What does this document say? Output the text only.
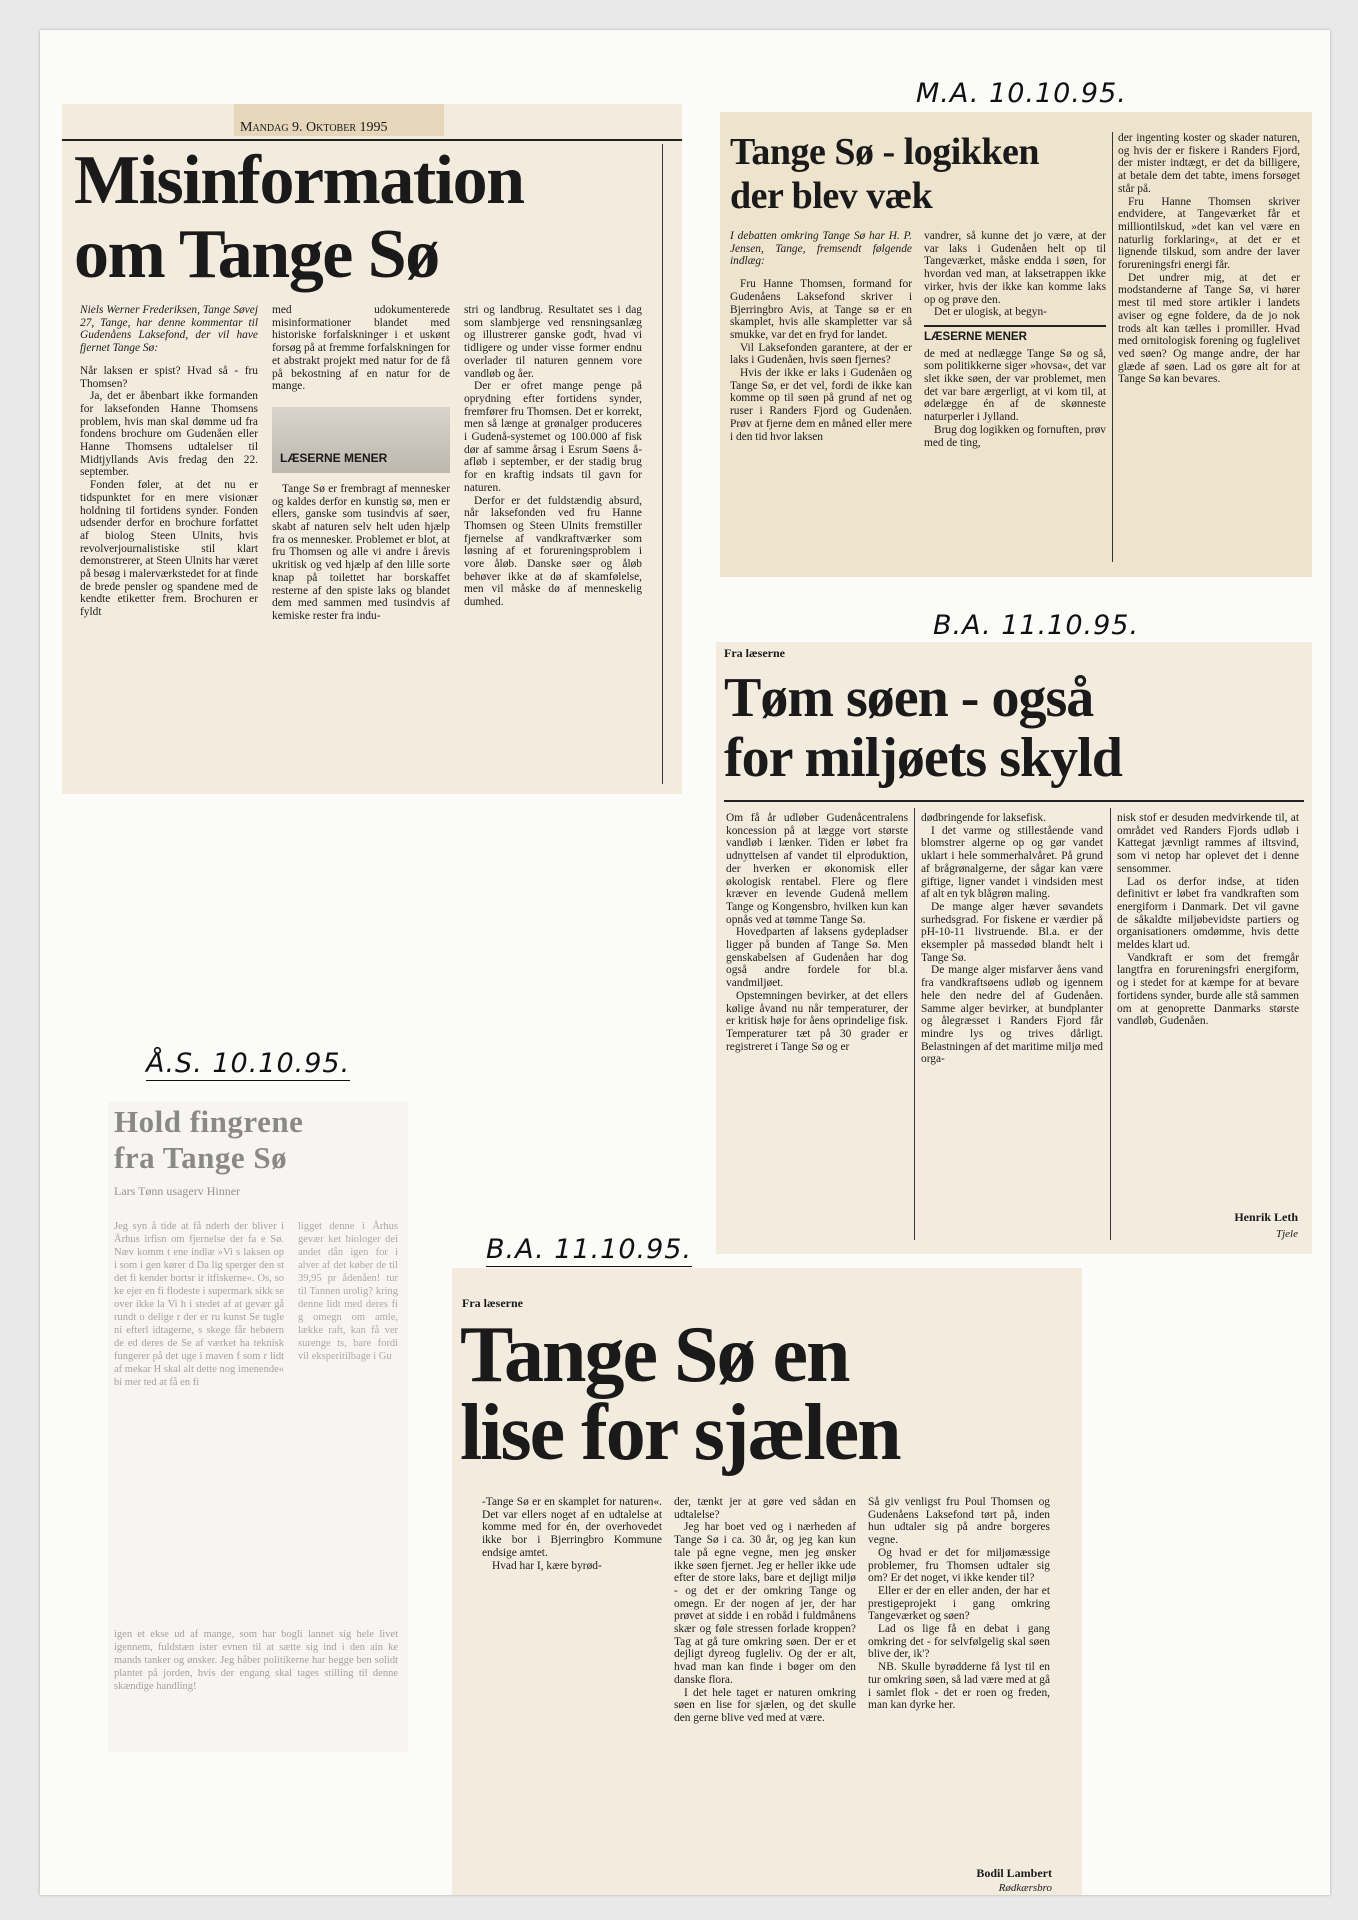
Mandag 9. Oktober 1995
Misinformation
om Tange Sø

Niels Werner Frederiksen, Tange Søvej 27, Tange, har denne kommentar til Gudenåens Laksefond, der vil have fjernet Tange Sø:

Når laksen er spist? Hvad så - fru Thomsen?

Ja, det er åbenbart ikke formanden for laksefonden Hanne Thomsens problem, hvis man skal dømme ud fra fondens brochure om Gudenåen eller Hanne Thomsens udtalelser til Midtjyllands Avis fredag den 22. september.

Fonden føler, at det nu er tidspunktet for en mere visionær holdning til fortidens synder. Fonden udsender derfor en brochure forfattet af biolog Steen Ulnits, hvis revolverjournalistiske stil klart demonstrerer, at Steen Ulnits har været på besøg i malerværkstedet for at finde de brede pensler og spandene med de kendte etiketter frem. Brochuren er fyldt

med udokumenterede misinformationer blandet med historiske forfalskninger i et uskønt forsøg på at fremme forfalskningen for et abstrakt projekt med natur for de få på bekostning af en natur for de mange.

LÆSERNE MENER

Tange Sø er frembragt af mennesker og kaldes derfor en kunstig sø, men er ellers, ganske som tusindvis af søer, skabt af naturen selv helt uden hjælp fra os mennesker. Problemet er blot, at fru Thomsen og alle vi andre i årevis ukritisk og ved hjælp af den lille sorte knap på toilettet har borskaffet resterne af den spiste laks og blandet dem med sammen med tusindvis af kemiske rester fra indu-

stri og landbrug. Resultatet ses i dag som slambjerge ved rensningsanlæg og illustrerer ganske godt, hvad vi tidligere og under visse former endnu overlader til naturen gennem vore vandløb og åer.

Der er ofret mange penge på oprydning efter fortidens synder, fremfører fru Thomsen. Det er korrekt, men så længe at grønalger produceres i Gudenå-systemet og 100.000 af fisk dør af samme årsag i Esrum Søens å-afløb i september, er der stadig brug for en kraftig indsats til gavn for naturen.

Derfor er det fuldstændig absurd, når laksefonden ved fru Hanne Thomsen og Steen Ulnits fremstiller fjernelse af vandkraftværker som løsning af et forureningsproblem i vore åløb. Danske søer og åløb behøver ikke at dø af skamfølelse, men vil måske dø af menneskelig dumhed.

M.A. 10.10.95.
Tange Sø - logikken
der blev væk

I debatten omkring Tange Sø har H. P. Jensen, Tange, fremsendt følgende indlæg:

Fru Hanne Thomsen, formand for Gudenåens Laksefond skriver i Bjerringbro Avis, at Tange sø er en skamplet, hvis alle skampletter var så smukke, var det en fryd for landet.

Vil Laksefonden garantere, at der er laks i Gudenåen, hvis søen fjernes?

Hvis der ikke er laks i Gudenåen og Tange Sø, er det vel, fordi de ikke kan komme op til søen på grund af net og ruser i Randers Fjord og Gudenåen. Prøv at fjerne dem en måned eller mere i den tid hvor laksen

vandrer, så kunne det jo være, at der var laks i Gudenåen helt op til Tangeværket, måske endda i søen, for hvordan ved man, at laksetrappen ikke virker, hvis der ikke kan komme laks op og prøve den.

Det er ulogisk, at begyn-

LÆSERNE MENER

de med at nedlægge Tange Sø og så, som politikkerne siger »hovsa«, det var slet ikke søen, der var problemet, men det var bare ærgerligt, at vi kom til, at ødelægge én af de skønneste naturperler i Jylland.

Brug dog logikken og fornuften, prøv med de ting,

der ingenting koster og skader naturen, og hvis der er fiskere i Randers Fjord, der mister indtægt, er det da billigere, at betale dem det tabte, imens forsøget står på.

Fru Hanne Thomsen skriver endvidere, at Tangeværket får et milliontilskud, »det kan vel være en naturlig forklaring«, at det er et lignende tilskud, som andre der laver forureningsfri energi får.

Det undrer mig, at det er modstanderne af Tange Sø, vi hører mest til med store artikler i landets aviser og egne foldere, da de jo nok trods alt kan tælles i promiller. Hvad med ornitologisk forening og fuglelivet ved søen? Og mange andre, der har glæde af søen. Lad os gøre alt for at Tange Sø kan bevares.

B.A. 11.10.95.
Fra læserne
Tøm søen - også
for miljøets skyld

Om få år udløber Gudenåcentralens koncession på at lægge vort største vandløb i lænker. Tiden er løbet fra udnyttelsen af vandet til elproduktion, der hverken er økonomisk eller økologisk rentabel. Flere og flere kræver en levende Gudenå mellem Tange og Kongensbro, hvilken kun kan opnås ved at tømme Tange Sø.

Hovedparten af laksens gydepladser ligger på bunden af Tange Sø. Men genskabelsen af Gudenåen har dog også andre fordele for bl.a. vandmiljøet.

Opstemningen bevirker, at det ellers kølige åvand nu når temperaturer, der er kritisk høje for åens oprindelige fisk. Temperaturer tæt på 30 grader er registreret i Tange Sø og er

dødbringende for laksefisk.

I det varme og stillestående vand blomstrer algerne op og gør vandet uklart i hele sommerhalvåret. På grund af brågrønalgerne, der sågar kan være giftige, ligner vandet i vindsiden mest af alt en tyk blågrøn maling.

De mange alger hæver søvandets surhedsgrad. For fiskene er værdier på pH-10-11 livstruende. Bl.a. er der eksempler på massedød blandt helt i Tange Sø.

De mange alger misfarver åens vand fra vandkraftsøens udløb og igennem hele den nedre del af Gudenåen. Samme alger bevirker, at bundplanter og ålegræsset i Randers Fjord får mindre lys og trives dårligt. Belastningen af det maritime miljø med orga-

nisk stof er desuden medvirkende til, at området ved Randers Fjords udløb i Kattegat jævnligt rammes af iltsvind, som vi netop har oplevet det i denne sensommer.

Lad os derfor indse, at tiden definitivt er løbet fra vandkraften som energiform i Danmark. Det vil gavne de såkaldte miljøbevidste partiers og organisationers omdømme, hvis dette meldes klart ud.

Vandkraft er som det fremgår langtfra en forureningsfri energiform, og i stedet for at kæmpe for at bevare fortidens synder, burde alle stå sammen om at genoprette Danmarks største vandløb, Gudenåen.

Henrik Leth
Tjele
Å.S. 10.10.95.
Hold fingrene
fra Tange Sø
Lars Tønn usagerv Hinner

Jeg syn å tide at få nderh der bliver i Århus irfisn om fjernelse der fa e Sø. Næv komm t ene indlæ »Vi s laksen op i som i gen kører d Da lig sperger den st det fi kender bortsr ir itfiskerne«. Os, so ke ejer en fi flodeste i supermark sikk se over ikke la Vi h i stedet af at gevær gå rundt o delige r der er ru kunst Se tugle ni efterl idtagerne, s skege får hebøern de ed deres de Se af værket ha teknisk fungerer på det uge i maven f som r lidt af mekar H skal alt dette nog imenende« bi mer ted at få en fi

ligget denne i Århus gevær ket biologer dei andet dån igen for i alver af det køber de til 39,95 pr ådenåen! tur til Tannen urolig? kring denne lidt med deres fi g omegn om amle, lække raft, kan få ver surenge ts, bare fordi vil eksperitilbage i Gu

igen et ekse ud af mange, som har bogli lannet sig hele livet igennem, fuldstæn ister evnen til at sætte sig ind i den ain ke mands tanker og ønsker. Jeg håber politikerne har begge ben solidt plantet på jorden, hvis der engang skal tages stilling til denne skændige handling!

B.A. 11.10.95.
Fra læserne
Tange Sø en
lise for sjælen

-Tange Sø er en skamplet for naturen«. Det var ellers noget af en udtalelse at komme med for én, der overhovedet ikke bor i Bjerringbro Kommune endsige amtet.

Hvad har I, kære byrød-

der, tænkt jer at gøre ved sådan en udtalelse?

Jeg har boet ved og i nærheden af Tange Sø i ca. 30 år, og jeg kan kun tale på egne vegne, men jeg ønsker ikke søen fjernet. Jeg er heller ikke ude efter de store laks, bare et dejligt miljø - og det er der omkring Tange og omegn. Er der nogen af jer, der har prøvet at sidde i en robåd i fuldmånens skær og føle stressen forlade kroppen? Tag at gå ture omkring søen. Der er et dejligt dyreog fugleliv. Og der er alt, hvad man kan finde i bøger om den danske flora.

I det hele taget er naturen omkring søen en lise for sjælen, og det skulle den gerne blive ved med at være.

Så giv venligst fru Poul Thomsen og Gudenåens Laksefond tørt på, inden hun udtaler sig på andre borgeres vegne.

Og hvad er det for miljømæssige problemer, fru Thomsen udtaler sig om? Er det noget, vi ikke kender til?

Eller er der en eller anden, der har et prestigeprojekt i gang omkring Tangeværket og søen?

Lad os lige få en debat i gang omkring det - for selvfølgelig skal søen blive der, ik'?

NB. Skulle byrødderne få lyst til en tur omkring søen, så lad være med at gå i samlet flok - det er roen og freden, man kan dyrke her.

Bodil Lambert
Rødkærsbro
